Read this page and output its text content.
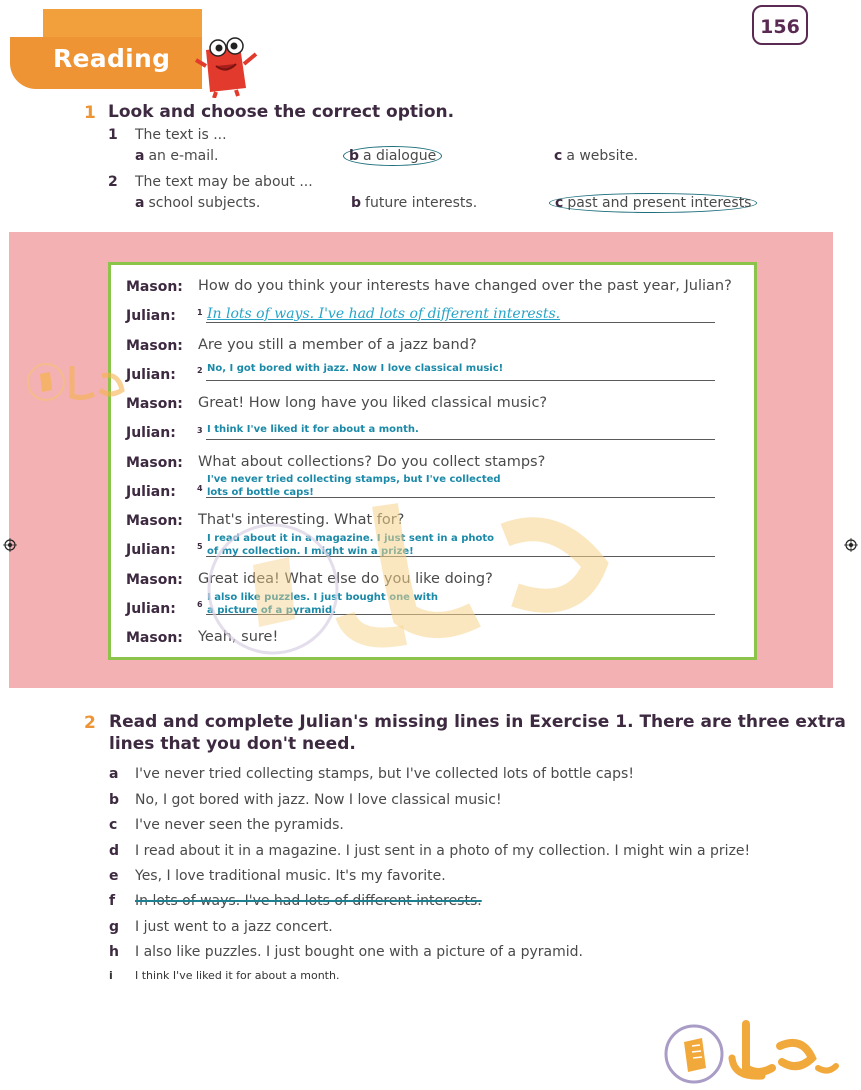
Reading
156
1 Look and choose the correct option.
1 The text is ...
a an e-mail.	b a dialogue	c a website.
2 The text may be about ...
a school subjects.	b future interests.	c past and present interests
Mason: How do you think your interests have changed over the past year, Julian?
Julian:	1 In lots of ways. I've had lots of different interests.
Mason: Are you still a member of a jazz band?
Julian:	2 No, I got bored with jazz. Now I love classical music!
Mason: Great! How long have you liked classical music?
Julian:	3 I think I've liked it for about a month.
Mason: What about collections? Do you collect stamps?
Julian:	4
I've never tried collecting stamps, but I've collected
lots of bottle caps!
Mason: That's interesting. What for?
Julian:	5
I read about it in a magazine. I just sent in a photo
of my collection. I might win a prize!
Mason: Great idea! What else do you like doing?
Julian:	6
I also like puzzles. I just bought one with
a picture of a pyramid.
Mason: Yeah, sure!
2 Read and complete Julian's missing lines in Exercise 1. There are three extra
lines that you don't need.
a I've never tried collecting stamps, but I've collected lots of bottle caps!
b No, I got bored with jazz. Now I love classical music!
c I've never seen the pyramids.
d I read about it in a magazine. I just sent in a photo of my collection. I might win a prize!
e Yes, I love traditional music. It's my favorite.
f In lots of ways. I've had lots of different interests.
g I just went to a jazz concert.
h I also like puzzles. I just bought one with a picture of a pyramid.
i I think I've liked it for about a month.
